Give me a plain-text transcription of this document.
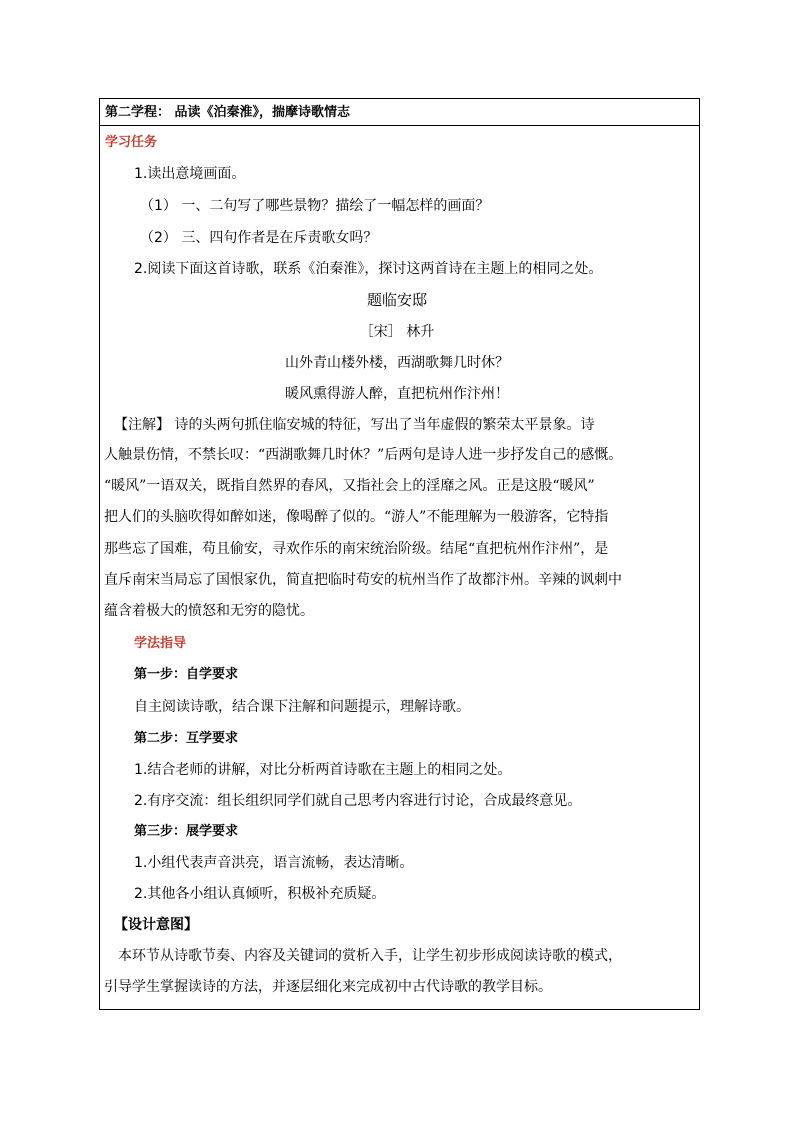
第二学程： 品读《泊秦淮》，揣摩诗歌情志
学习任务
1.读出意境画面。
（1） 一、二句写了哪些景物？描绘了一幅怎样的画面？
（2） 三、四句作者是在斥责歌女吗？
2.阅读下面这首诗歌，联系《泊秦淮》，探讨这两首诗在主题上的相同之处。
题临安邸
［宋］ 林升
山外青山楼外楼，西湖歌舞几时休？
暖风熏得游人醉，直把杭州作汴州！
【注解】 诗的头两句抓住临安城的特征，写出了当年虚假的繁荣太平景象。诗
人触景伤情，不禁长叹：“西湖歌舞几时休？”后两句是诗人进一步抒发自己的感慨。
“暖风”一语双关，既指自然界的春风，又指社会上的淫靡之风。正是这股“暖风”
把人们的头脑吹得如醉如迷，像喝醉了似的。“游人”不能理解为一般游客，它特指
那些忘了国难，苟且偷安，寻欢作乐的南宋统治阶级。结尾“直把杭州作汴州”，是
直斥南宋当局忘了国恨家仇，简直把临时苟安的杭州当作了故都汴州。辛辣的讽刺中
蕴含着极大的愤怒和无穷的隐忧。
学法指导
第一步：自学要求
自主阅读诗歌，结合课下注解和问题提示，理解诗歌。
第二步：互学要求
1.结合老师的讲解，对比分析两首诗歌在主题上的相同之处。
2.有序交流：组长组织同学们就自己思考内容进行讨论，合成最终意见。
第三步：展学要求
1.小组代表声音洪亮，语言流畅，表达清晰。
2.其他各小组认真倾听，积极补充质疑。
【设计意图】
本环节从诗歌节奏、内容及关键词的赏析入手，让学生初步形成阅读诗歌的模式，
引导学生掌握读诗的方法，并逐层细化来完成初中古代诗歌的教学目标。
